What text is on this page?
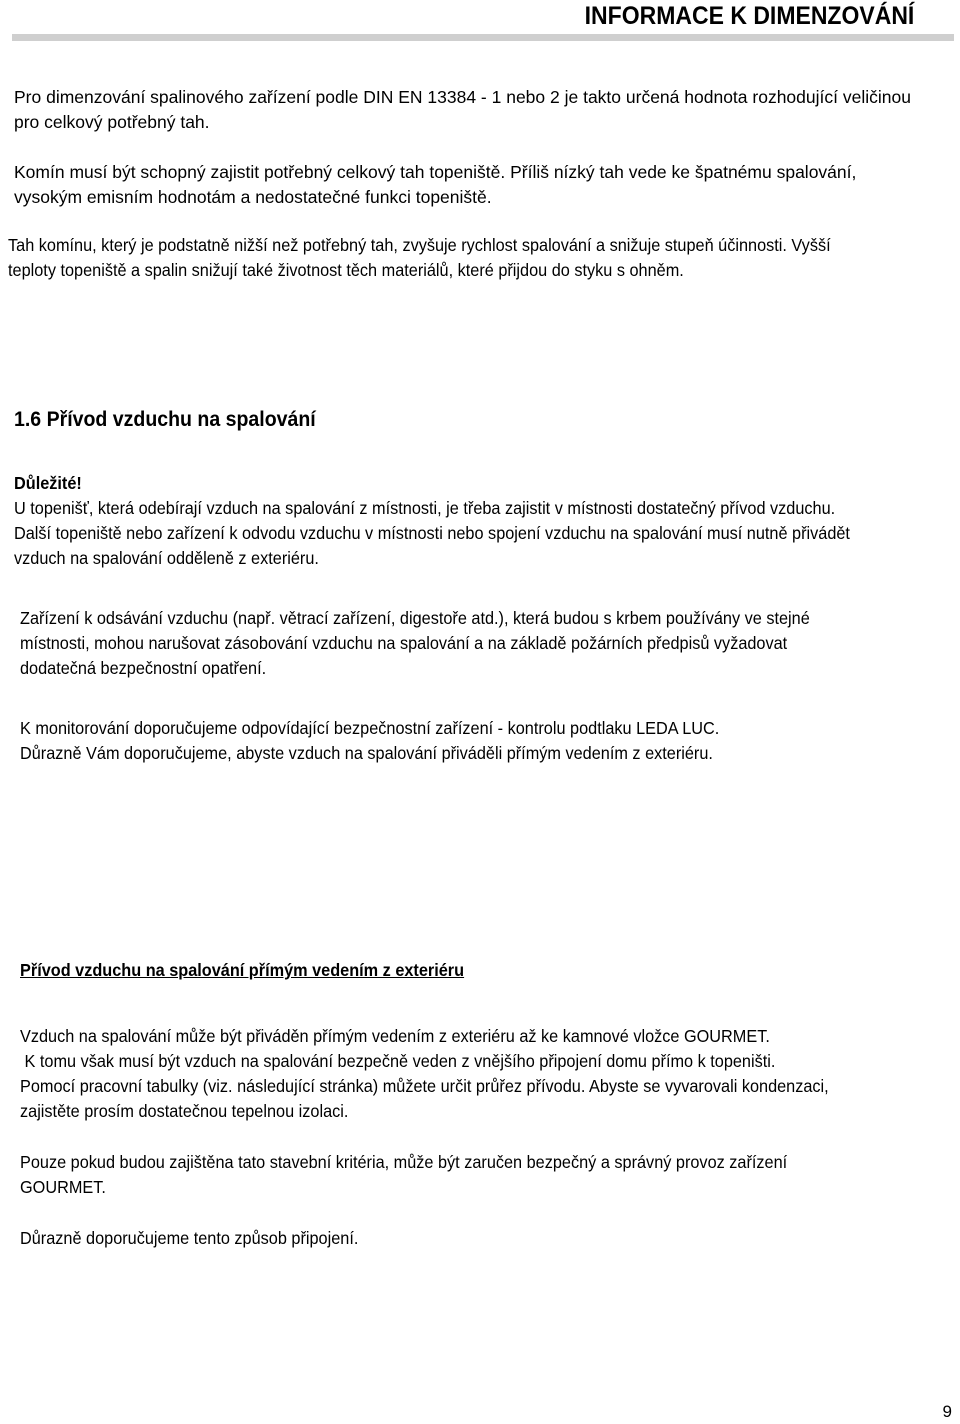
INFORMACE K DIMENZOVÁNÍ
Pro dimenzování spalinového zařízení podle DIN EN 13384 - 1 nebo 2 je takto určená hodnota rozhodující veličinou
pro celkový potřebný tah.
Komín musí být schopný zajistit potřebný celkový tah topeniště. Příliš nízký tah vede ke špatnému spalování,
vysokým emisním hodnotám a nedostatečné funkci topeniště.
Tah komínu, který je podstatně nižší než potřebný tah, zvyšuje rychlost spalování a snižuje stupeň účinnosti. Vyšší
teploty topeniště a spalin snižují také životnost těch materiálů, které přijdou do styku s ohněm.
1.6 Přívod vzduchu na spalování
Důležité!
U topenišť, která odebírají vzduch na spalování z místnosti, je třeba zajistit v místnosti dostatečný přívod vzduchu.
Další topeniště nebo zařízení k odvodu vzduchu v místnosti nebo spojení vzduchu na spalování musí nutně přivádět
vzduch na spalování odděleně z exteriéru.
Zařízení k odsávání vzduchu (např. větrací zařízení, digestoře atd.), která budou s krbem používány ve stejné
místnosti, mohou narušovat zásobování vzduchu na spalování a na základě požárních předpisů vyžadovat
dodatečná bezpečnostní opatření.
K monitorování doporučujeme odpovídající bezpečnostní zařízení - kontrolu podtlaku LEDA LUC.
Důrazně Vám doporučujeme, abyste vzduch na spalování přiváděli přímým vedením z exteriéru.
Přívod vzduchu na spalování přímým vedením z exteriéru
Vzduch na spalování může být přiváděn přímým vedením z exteriéru až ke kamnové vložce GOURMET.
K tomu však musí být vzduch na spalování bezpečně veden z vnějšího připojení domu přímo k topeništi.
Pomocí pracovní tabulky (viz. následující stránka) můžete určit průřez přívodu. Abyste se vyvarovali kondenzaci,
zajistěte prosím dostatečnou tepelnou izolaci.
Pouze pokud budou zajištěna tato stavební kritéria, může být zaručen bezpečný a správný provoz zařízení
GOURMET.
Důrazně doporučujeme tento způsob připojení.
9
